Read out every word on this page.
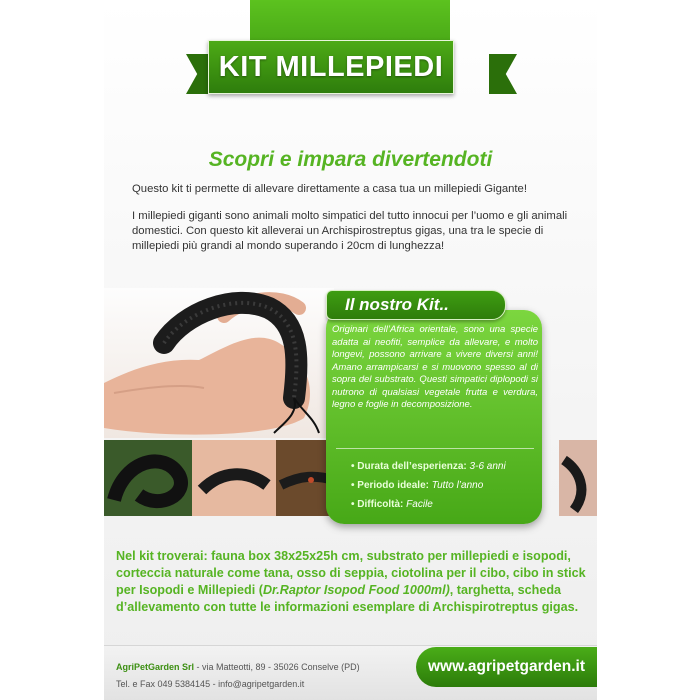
KIT MILLEPIEDI
Scopri e impara divertendoti

Questo kit ti permette di allevare direttamente a casa tua un millepiedi Gigante!

I millepiedi giganti sono animali molto simpatici del tutto innocui per l’uomo e gli animali domestici. Con questo kit alleverai un Archispirostreptus gigas, una tra le specie di millepiedi più grandi al mondo superando i 20cm di lunghezza!

Il nostro Kit..
Originari dell’Africa orientale, sono una specie adatta ai neofiti, semplice da allevare, e molto longevi, possono arrivare a vivere diversi anni! Amano arrampicarsi e si muovono spesso al di sopra del substrato. Questi simpatici diplopodi si nutrono di qualsiasi vegetale frutta e verdura, legno e foglie in decomposizione.
• Durata dell’esperienza: 3-6 anni
• Periodo ideale: Tutto l’anno
• Difficoltà: Facile
Nel kit troverai: fauna box 38x25x25h cm, substrato per millepiedi e isopodi, corteccia naturale come tana, osso di seppia, ciotolina per il cibo, cibo in stick per Isopodi e Millepiedi (Dr.Raptor Isopod Food 1000ml), targhetta, scheda d’allevamento con tutte le informazioni esemplare di Archispirotreptus gigas.
AgriPetGarden Srl - via Matteotti, 89 - 35026 Conselve (PD)
Tel. e Fax 049 5384145 - info@agripetgarden.it
www.agripetgarden.it
